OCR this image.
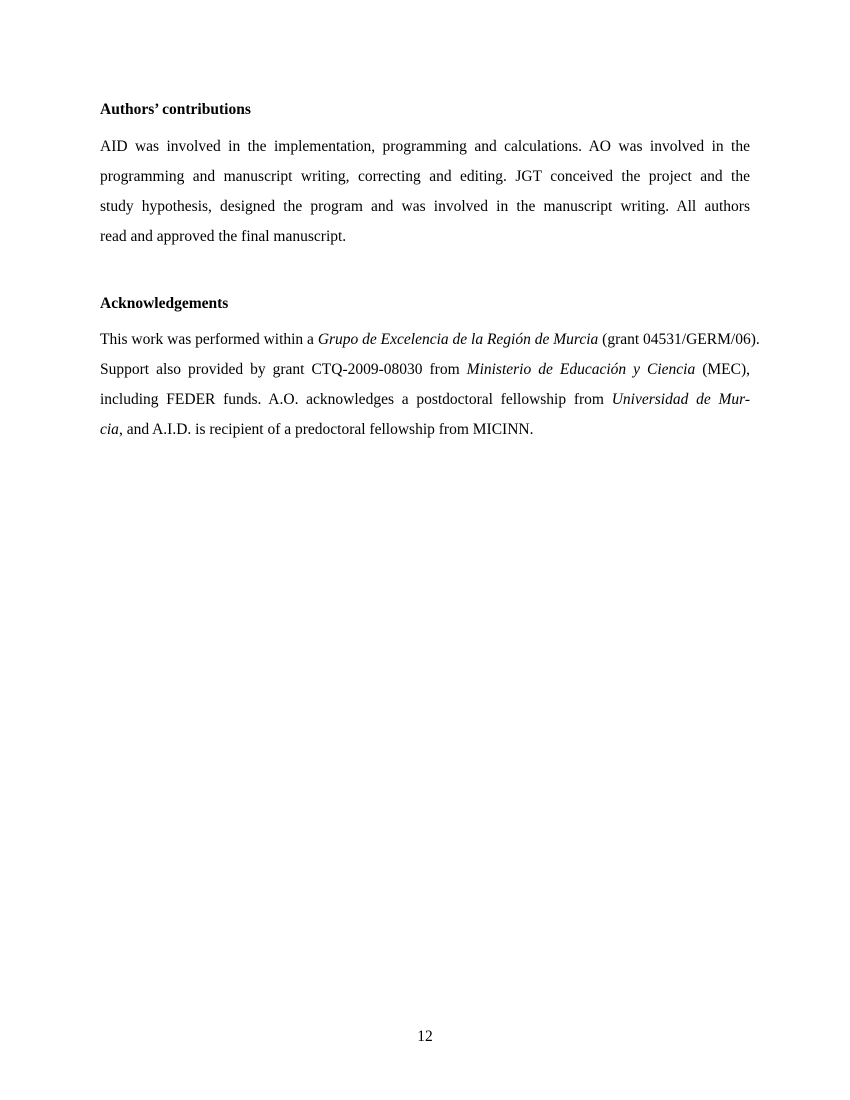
Authors’ contributions
AID was involved in the implementation, programming and calculations. AO was involved in the
programming and manuscript writing, correcting and editing. JGT conceived the project and the
study hypothesis, designed the program and was involved in the manuscript writing. All authors
read and approved the final manuscript.
Acknowledgements
This work was performed within a Grupo de Excelencia de la Región de Murcia (grant 04531/GERM/06).
Support also provided by grant CTQ-2009-08030 from Ministerio de Educación y Ciencia (MEC),
including FEDER funds. A.O. acknowledges a postdoctoral fellowship from Universidad de Mur-
cia, and A.I.D. is recipient of a predoctoral fellowship from MICINN.
12
